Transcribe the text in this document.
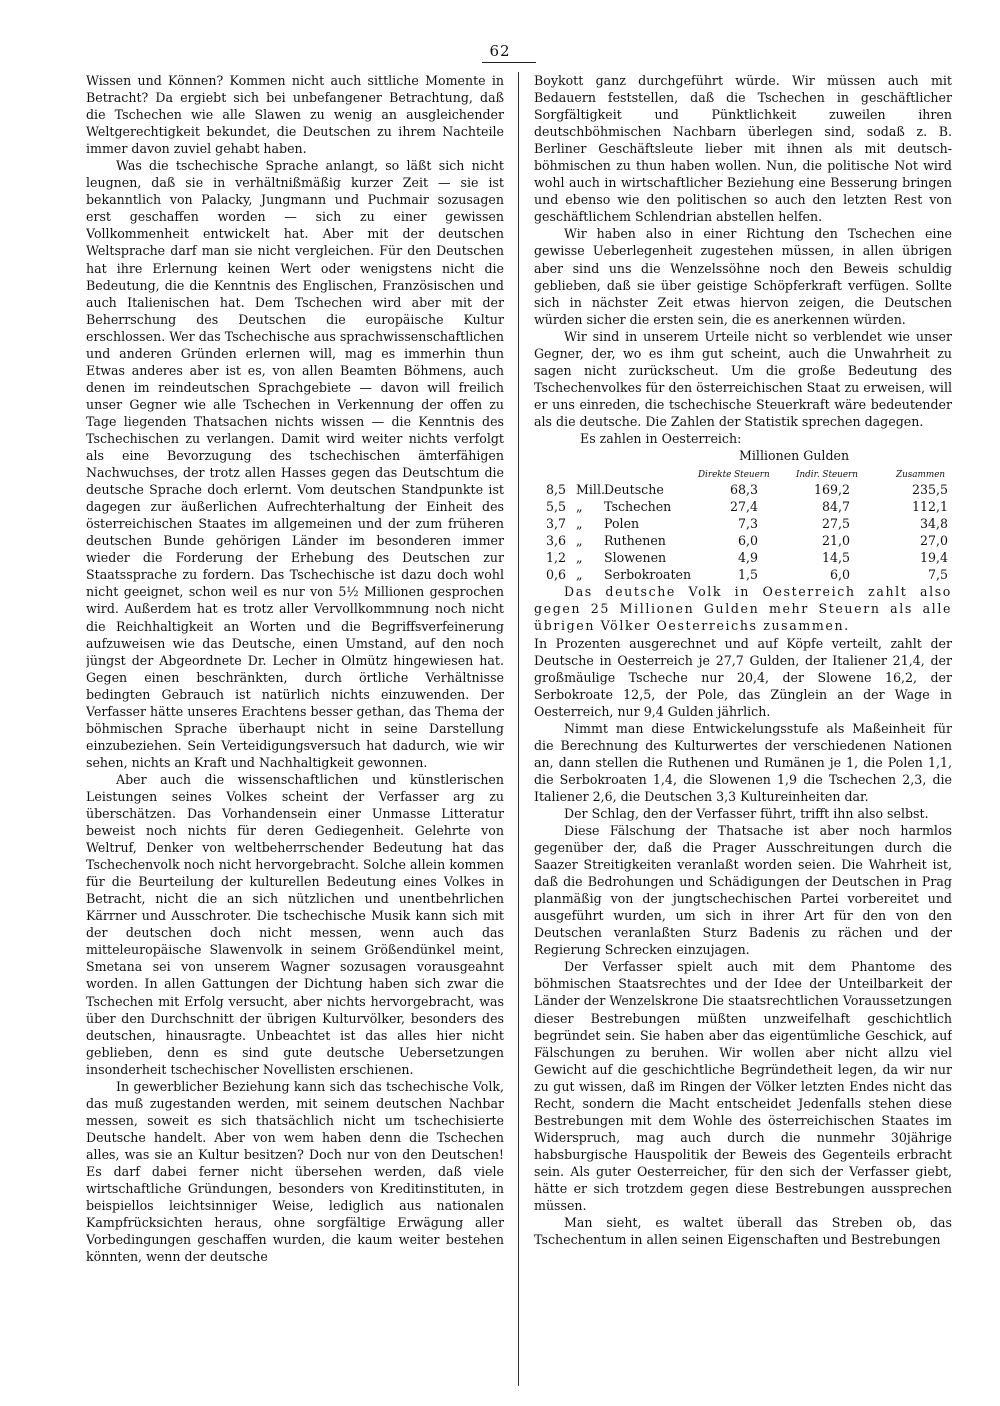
62

Wissen und Können? Kommen nicht auch sittliche Momente in Betracht? Da ergiebt sich bei unbefangener Betrachtung, daß die Tschechen wie alle Slawen zu wenig an ausgleichender Weltgerechtigkeit bekundet, die Deutschen zu ihrem Nachteile immer davon zuviel gehabt haben.

Was die tschechische Sprache anlangt, so läßt sich nicht leugnen, daß sie in verhältnißmäßig kurzer Zeit — sie ist bekanntlich von Palacky, Jungmann und Puchmair sozusagen erst geschaffen worden — sich zu einer gewissen Vollkommenheit entwickelt hat. Aber mit der deutschen Weltsprache darf man sie nicht vergleichen. Für den Deutschen hat ihre Erlernung keinen Wert oder wenigstens nicht die Bedeutung, die die Kenntnis des Englischen, Französischen und auch Italienischen hat. Dem Tschechen wird aber mit der Beherrschung des Deutschen die europäische Kultur erschlossen. Wer das Tschechische aus sprachwissenschaftlichen und anderen Gründen erlernen will, mag es immerhin thun Etwas anderes aber ist es, von allen Beamten Böhmens, auch denen im reindeutschen Sprachgebiete — davon will freilich unser Gegner wie alle Tschechen in Verkennung der offen zu Tage liegenden Thatsachen nichts wissen — die Kenntnis des Tschechischen zu verlangen. Damit wird weiter nichts verfolgt als eine Bevorzugung des tschechischen ämterfähigen Nachwuchses, der trotz allen Hasses gegen das Deutschtum die deutsche Sprache doch erlernt. Vom deutschen Standpunkte ist dagegen zur äußerlichen Aufrechterhaltung der Einheit des österreichischen Staates im allgemeinen und der zum früheren deutschen Bunde gehörigen Länder im besonderen immer wieder die Forderung der Erhebung des Deutschen zur Staatssprache zu fordern. Das Tschechische ist dazu doch wohl nicht geeignet, schon weil es nur von 5½ Millionen gesprochen wird. Außerdem hat es trotz aller Vervollkommnung noch nicht die Reichhaltigkeit an Worten und die Begriffsverfeinerung aufzuweisen wie das Deutsche, einen Umstand, auf den noch jüngst der Abgeordnete Dr. Lecher in Olmütz hingewiesen hat. Gegen einen beschränkten, durch örtliche Verhältnisse bedingten Gebrauch ist natürlich nichts einzuwenden. Der Verfasser hätte unseres Erachtens besser gethan, das Thema der böhmischen Sprache überhaupt nicht in seine Darstellung einzubeziehen. Sein Verteidigungsversuch hat dadurch, wie wir sehen, nichts an Kraft und Nachhaltigkeit gewonnen.

Aber auch die wissenschaftlichen und künstlerischen Leistungen seines Volkes scheint der Verfasser arg zu überschätzen. Das Vorhandensein einer Unmasse Litteratur beweist noch nichts für deren Gediegenheit. Gelehrte von Weltruf, Denker von weltbeherrschender Bedeutung hat das Tschechenvolk noch nicht hervorgebracht. Solche allein kommen für die Beurteilung der kulturellen Bedeutung eines Volkes in Betracht, nicht die an sich nützlichen und unentbehrlichen Kärrner und Ausschroter. Die tschechische Musik kann sich mit der deutschen doch nicht messen, wenn auch das mitteleuropäische Slawenvolk in seinem Größendünkel meint, Smetana sei von unserem Wagner sozusagen vorausgeahnt worden. In allen Gattungen der Dichtung haben sich zwar die Tschechen mit Erfolg versucht, aber nichts hervorgebracht, was über den Durchschnitt der übrigen Kulturvölker, besonders des deutschen, hinausragte. Unbeachtet ist das alles hier nicht geblieben, denn es sind gute deutsche Uebersetzungen insonderheit tschechischer Novellisten erschienen.

In gewerblicher Beziehung kann sich das tschechische Volk, das muß zugestanden werden, mit seinem deutschen Nachbar messen, soweit es sich thatsächlich nicht um tschechisierte Deutsche handelt. Aber von wem haben denn die Tschechen alles, was sie an Kultur besitzen? Doch nur von den Deutschen! Es darf dabei ferner nicht übersehen werden, daß viele wirtschaftliche Gründungen, besonders von Kreditinstituten, in beispiellos leichtsinniger Weise, lediglich aus nationalen Kampfrücksichten heraus, ohne sorgfältige Erwägung aller Vorbedingungen geschaffen wurden, die kaum weiter bestehen könnten, wenn der deutsche

Boykott ganz durchgeführt würde. Wir müssen auch mit Bedauern feststellen, daß die Tschechen in geschäftlicher Sorgfältigkeit und Pünktlichkeit zuweilen ihren deutschböhmischen Nachbarn überlegen sind, sodaß z. B. Berliner Geschäftsleute lieber mit ihnen als mit deutsch-böhmischen zu thun haben wollen. Nun, die politische Not wird wohl auch in wirtschaftlicher Beziehung eine Besserung bringen und ebenso wie den politischen so auch den letzten Rest von geschäftlichem Schlendrian abstellen helfen.

Wir haben also in einer Richtung den Tschechen eine gewisse Ueberlegenheit zugestehen müssen, in allen übrigen aber sind uns die Wenzelssöhne noch den Beweis schuldig geblieben, daß sie über geistige Schöpferkraft verfügen. Sollte sich in nächster Zeit etwas hiervon zeigen, die Deutschen würden sicher die ersten sein, die es anerkennen würden.

Wir sind in unserem Urteile nicht so verblendet wie unser Gegner, der, wo es ihm gut scheint, auch die Unwahrheit zu sagen nicht zurückscheut. Um die große Bedeutung des Tschechenvolkes für den österreichischen Staat zu erweisen, will er uns einreden, die tschechische Steuerkraft wäre bedeutender als die deutsche. Die Zahlen der Statistik sprechen dagegen.

Es zahlen in Oesterreich:
Millionen Gulden
Direkte Steuern	Indir. Steuern	Zusammen
8,5 Mill. Deutsche	68,3	169,2	235,5
5,5 „ Tschechen	27,4	84,7	112,1
3,7 „ Polen	7,3	27,5	34,8
3,6 „ Ruthenen	6,0	21,0	27,0
1,2 „ Slowenen	4,9	14,5	19,4
0,6 „ Serbokroaten	1,5	6,0	7,5

Das deutsche Volk in Oesterreich zahlt also gegen 25 Millionen Gulden mehr Steuern als alle übrigen Völker Oesterreichs zusammen.

In Prozenten ausgerechnet und auf Köpfe verteilt, zahlt der Deutsche in Oesterreich je 27,7 Gulden, der Italiener 21,4, der großmäulige Tscheche nur 20,4, der Slowene 16,2, der Serbokroate 12,5, der Pole, das Zünglein an der Wage in Oesterreich, nur 9,4 Gulden jährlich.

Nimmt man diese Entwickelungsstufe als Maßeinheit für die Berechnung des Kulturwertes der verschiedenen Nationen an, dann stellen die Ruthenen und Rumänen je 1, die Polen 1,1, die Serbokroaten 1,4, die Slowenen 1,9 die Tschechen 2,3, die Italiener 2,6, die Deutschen 3,3 Kultureinheiten dar.

Der Schlag, den der Verfasser führt, trifft ihn also selbst.

Diese Fälschung der Thatsache ist aber noch harmlos gegenüber der, daß die Prager Ausschreitungen durch die Saazer Streitigkeiten veranlaßt worden seien. Die Wahrheit ist, daß die Bedrohungen und Schädigungen der Deutschen in Prag planmäßig von der jungtschechischen Partei vorbereitet und ausgeführt wurden, um sich in ihrer Art für den von den Deutschen veranlaßten Sturz Badenis zu rächen und der Regierung Schrecken einzujagen.

Der Verfasser spielt auch mit dem Phantome des böhmischen Staatsrechtes und der Idee der Unteilbarkeit der Länder der Wenzelskrone Die staatsrechtlichen Voraussetzungen dieser Bestrebungen müßten unzweifelhaft geschichtlich begründet sein. Sie haben aber das eigentümliche Geschick, auf Fälschungen zu beruhen. Wir wollen aber nicht allzu viel Gewicht auf die geschichtliche Begründetheit legen, da wir nur zu gut wissen, daß im Ringen der Völker letzten Endes nicht das Recht, sondern die Macht entscheidet Jedenfalls stehen diese Bestrebungen mit dem Wohle des österreichischen Staates im Widerspruch, mag auch durch die nunmehr 30jährige habsburgische Hauspolitik der Beweis des Gegenteils erbracht sein. Als guter Oesterreicher, für den sich der Verfasser giebt, hätte er sich trotzdem gegen diese Bestrebungen aussprechen müssen.

Man sieht, es waltet überall das Streben ob, das Tschechentum in allen seinen Eigenschaften und Bestrebungen
